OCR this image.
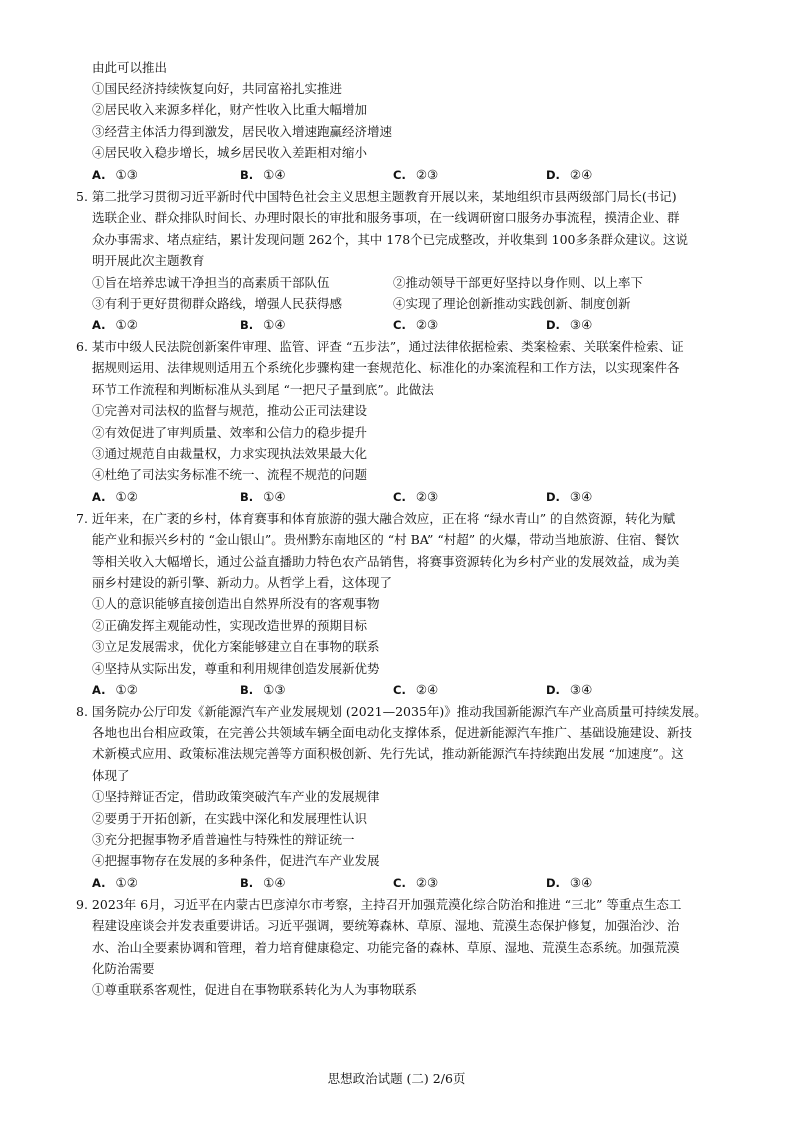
由此可以推出
①国民经济持续恢复向好，共同富裕扎实推进
②居民收入来源多样化，财产性收入比重大幅增加
③经营主体活力得到激发，居民收入增速跑赢经济增速
④居民收入稳步增长，城乡居民收入差距相对缩小
A. ①③	B. ①④	C. ②③	D. ②④
5. 第二批学习贯彻习近平新时代中国特色社会主义思想主题教育开展以来，某地组织市县两级部门局长(书记)
选联企业、群众排队时间长、办理时限长的审批和服务事项，在一线调研窗口服务办事流程，摸清企业、群
众办事需求、堵点症结，累计发现问题 262个，其中 178个已完成整改，并收集到 100多条群众建议。这说
明开展此次主题教育
①旨在培养忠诚干净担当的高素质干部队伍	②推动领导干部更好坚持以身作则、以上率下
③有利于更好贯彻群众路线，增强人民获得感	④实现了理论创新推动实践创新、制度创新
A. ①②	B. ①④	C. ②③	D. ③④
6. 某市中级人民法院创新案件审理、监管、评查 “五步法”，通过法律依据检索、类案检索、关联案件检索、证
据规则运用、法律规则适用五个系统化步骤构建一套规范化、标准化的办案流程和工作方法，以实现案件各
环节工作流程和判断标准从头到尾 “一把尺子量到底”。此做法
①完善对司法权的监督与规范，推动公正司法建设
②有效促进了审判质量、效率和公信力的稳步提升
③通过规范自由裁量权，力求实现执法效果最大化
④杜绝了司法实务标准不统一、流程不规范的问题
A. ①②	B. ①④	C. ②③	D. ③④
7. 近年来，在广袤的乡村，体育赛事和体育旅游的强大融合效应，正在将 “绿水青山” 的自然资源，转化为赋
能产业和振兴乡村的 “金山银山”。贵州黔东南地区的 “村 BA” “村超” 的火爆，带动当地旅游、住宿、餐饮
等相关收入大幅增长，通过公益直播助力特色农产品销售，将赛事资源转化为乡村产业的发展效益，成为美
丽乡村建设的新引擎、新动力。从哲学上看，这体现了
①人的意识能够直接创造出自然界所没有的客观事物
②正确发挥主观能动性，实现改造世界的预期目标
③立足发展需求，优化方案能够建立自在事物的联系
④坚持从实际出发，尊重和利用规律创造发展新优势
A. ①②	B. ①③	C. ②④	D. ③④
8. 国务院办公厅印发《新能源汽车产业发展规划 (2021—2035年)》推动我国新能源汽车产业高质量可持续发展。
各地也出台相应政策，在完善公共领域车辆全面电动化支撑体系，促进新能源汽车推广、基础设施建设、新技
术新模式应用、政策标准法规完善等方面积极创新、先行先试，推动新能源汽车持续跑出发展 “加速度”。这
体现了
①坚持辩证否定，借助政策突破汽车产业的发展规律
②要勇于开拓创新，在实践中深化和发展理性认识
③充分把握事物矛盾普遍性与特殊性的辩证统一
④把握事物存在发展的多种条件，促进汽车产业发展
A. ①②	B. ①④	C. ②③	D. ③④
9. 2023年 6月，习近平在内蒙古巴彦淖尔市考察，主持召开加强荒漠化综合防治和推进 “三北” 等重点生态工
程建设座谈会并发表重要讲话。习近平强调，要统筹森林、草原、湿地、荒漠生态保护修复，加强治沙、治
水、治山全要素协调和管理，着力培育健康稳定、功能完备的森林、草原、湿地、荒漠生态系统。加强荒漠
化防治需要
①尊重联系客观性，促进自在事物联系转化为人为事物联系
思想政治试题 (二) 2/6页
